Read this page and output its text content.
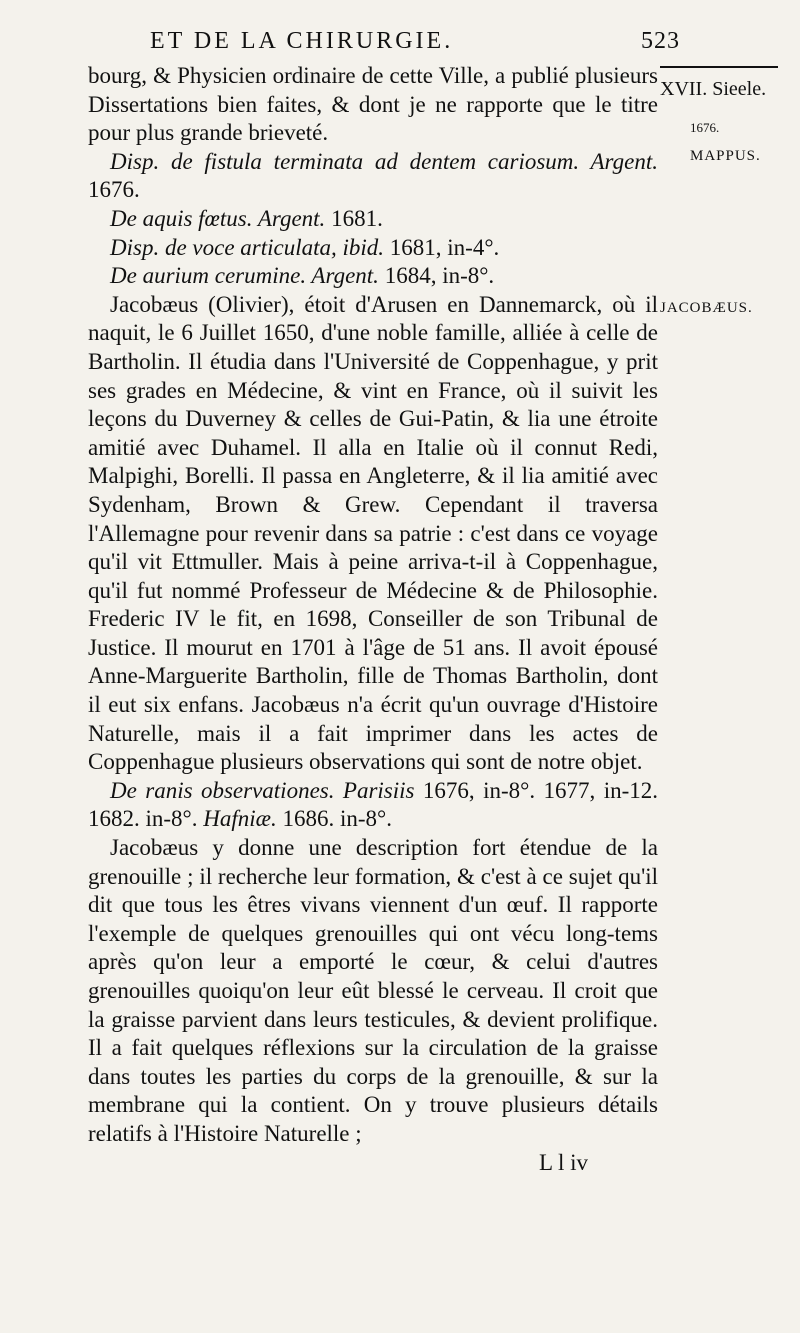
ET DE LA CHIRURGIE.	523
XVII. Sieele.
1676.
MAPPUS.
JACOBÆUS.

bourg, & Physicien ordinaire de cette Ville, a publié plusieurs Dissertations bien faites, & dont je ne rapporte que le titre pour plus grande brieveté.

Disp. de fistula terminata ad dentem cariosum. Argent. 1676.

De aquis fœtus. Argent. 1681.

Disp. de voce articulata, ibid. 1681, in-4°.

De aurium cerumine. Argent. 1684, in-8°.

Jacobæus (Olivier), étoit d'Arusen en Dannemarck, où il naquit, le 6 Juillet 1650, d'une noble famille, alliée à celle de Bartholin. Il étudia dans l'Université de Coppenhague, y prit ses grades en Médecine, & vint en France, où il suivit les leçons du Duverney & celles de Gui-Patin, & lia une étroite amitié avec Duhamel. Il alla en Italie où il connut Redi, Malpighi, Borelli. Il passa en Angleterre, & il lia amitié avec Sydenham, Brown & Grew. Cependant il traversa l'Allemagne pour revenir dans sa patrie : c'est dans ce voyage qu'il vit Ettmuller. Mais à peine arriva-t-il à Coppenhague, qu'il fut nommé Professeur de Médecine & de Philosophie. Frederic IV le fit, en 1698, Conseiller de son Tribunal de Justice. Il mourut en 1701 à l'âge de 51 ans. Il avoit épousé Anne-Marguerite Bartholin, fille de Thomas Bartholin, dont il eut six enfans. Jacobæus n'a écrit qu'un ouvrage d'Histoire Naturelle, mais il a fait imprimer dans les actes de Coppenhague plusieurs observations qui sont de notre objet.

De ranis observationes. Parisiis 1676, in-8°. 1677, in-12. 1682. in-8°. Hafniæ. 1686. in-8°.

Jacobæus y donne une description fort étendue de la grenouille ; il recherche leur formation, & c'est à ce sujet qu'il dit que tous les êtres vivans viennent d'un œuf. Il rapporte l'exemple de quelques grenouilles qui ont vécu long-tems après qu'on leur a emporté le cœur, & celui d'autres grenouilles quoiqu'on leur eût blessé le cerveau. Il croit que la graisse parvient dans leurs testicules, & devient prolifique. Il a fait quelques réflexions sur la circulation de la graisse dans toutes les parties du corps de la grenouille, & sur la membrane qui la contient. On y trouve plusieurs détails relatifs à l'Histoire Naturelle ;

L l iv
